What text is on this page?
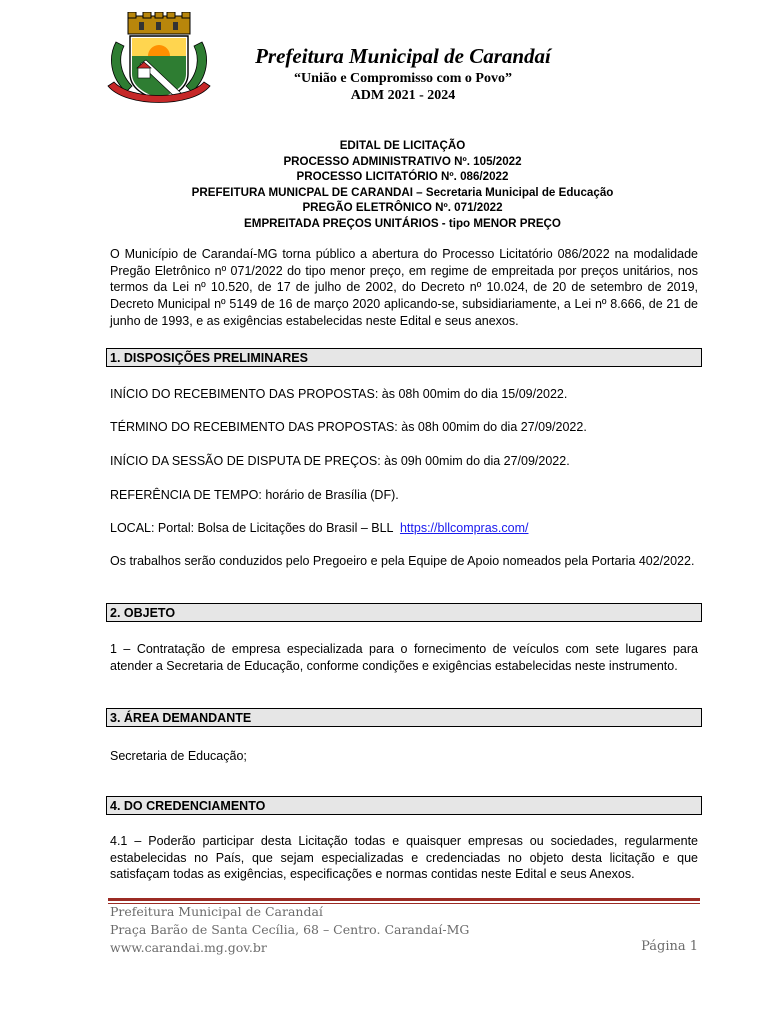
Prefeitura Municipal de Carandaí
“União e Compromisso com o Povo”
ADM 2021 - 2024
EDITAL DE LICITAÇÃO
PROCESSO ADMINISTRATIVO Nº. 105/2022
PROCESSO LICITATÓRIO Nº. 086/2022
PREFEITURA MUNICPAL DE CARANDAI – Secretaria Municipal de Educação
PREGÃO ELETRÔNICO Nº. 071/2022
EMPREITADA PREÇOS UNITÁRIOS - tipo MENOR PREÇO
O Município de Carandaí-MG torna público a abertura do Processo Licitatório 086/2022 na modalidade Pregão Eletrônico nº 071/2022 do tipo menor preço, em regime de empreitada por preços unitários, nos termos da Lei nº 10.520, de 17 de julho de 2002, do Decreto nº 10.024, de 20 de setembro de 2019, Decreto Municipal nº 5149 de 16 de março 2020 aplicando-se, subsidiariamente, a Lei nº 8.666, de 21 de junho de 1993, e as exigências estabelecidas neste Edital e seus anexos.
1. DISPOSIÇÕES PRELIMINARES
INÍCIO DO RECEBIMENTO DAS PROPOSTAS: às 08h 00mim do dia 15/09/2022.
TÉRMINO DO RECEBIMENTO DAS PROPOSTAS: às 08h 00mim do dia 27/09/2022.
INÍCIO DA SESSÃO DE DISPUTA DE PREÇOS: às 09h 00mim do dia 27/09/2022.
REFERÊNCIA DE TEMPO: horário de Brasília (DF).
LOCAL: Portal: Bolsa de Licitações do Brasil – BLL  https://bllcompras.com/
Os trabalhos serão conduzidos pelo Pregoeiro e pela Equipe de Apoio nomeados pela Portaria 402/2022.
2. OBJETO
1 – Contratação de empresa especializada para o fornecimento de veículos com sete lugares para atender a Secretaria de Educação, conforme condições e exigências estabelecidas neste instrumento.
3. ÁREA DEMANDANTE
Secretaria de Educação;
4. DO CREDENCIAMENTO
4.1 – Poderão participar desta Licitação todas e quaisquer empresas ou sociedades, regularmente estabelecidas no País, que sejam especializadas e credenciadas no objeto desta licitação e que satisfaçam todas as exigências, especificações e normas contidas neste Edital e seus Anexos.
Prefeitura Municipal de Carandaí
Praça Barão de Santa Cecília, 68 – Centro. Carandaí-MG
www.carandai.mg.gov.br	Página 1
